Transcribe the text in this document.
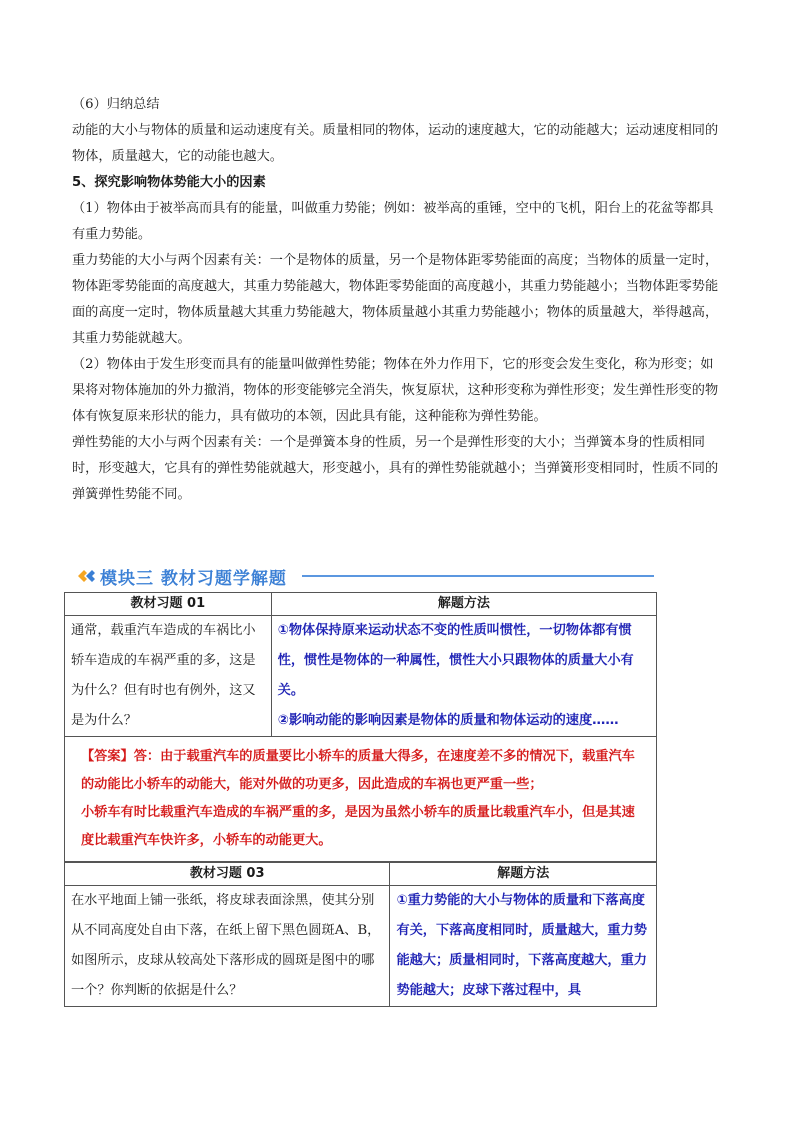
（6）归纳总结

动能的大小与物体的质量和运动速度有关。质量相同的物体，运动的速度越大，它的动能越大；运动速度相同的物体，质量越大，它的动能也越大。

5、探究影响物体势能大小的因素

（1）物体由于被举高而具有的能量，叫做重力势能；例如：被举高的重锤，空中的飞机，阳台上的花盆等都具有重力势能。

重力势能的大小与两个因素有关：一个是物体的质量，另一个是物体距零势能面的高度；当物体的质量一定时，物体距零势能面的高度越大，其重力势能越大，物体距零势能面的高度越小，其重力势能越小；当物体距零势能面的高度一定时，物体质量越大其重力势能越大，物体质量越小其重力势能越小；物体的质量越大，举得越高，其重力势能就越大。

（2）物体由于发生形变而具有的能量叫做弹性势能；物体在外力作用下，它的形变会发生变化，称为形变；如果将对物体施加的外力撤消，物体的形变能够完全消失，恢复原状，这种形变称为弹性形变；发生弹性形变的物体有恢复原来形状的能力，具有做功的本领，因此具有能，这种能称为弹性势能。

弹性势能的大小与两个因素有关：一个是弹簧本身的性质，另一个是弹性形变的大小；当弹簧本身的性质相同时，形变越大，它具有的弹性势能就越大，形变越小，具有的弹性势能就越小；当弹簧形变相同时，性质不同的弹簧弹性势能不同。

模块三 教材习题学解题
教材习题 01	解题方法
通常，载重汽车造成的车祸比小轿车造成的车祸严重的多，这是为什么？但有时也有例外，这又是为什么？	①物体保持原来运动状态不变的性质叫惯性，一切物体都有惯性，惯性是物体的一种属性，惯性大小只跟物体的质量大小有关。

②影响动能的影响因素是物体的质量和物体运动的速度……

【答案】答：由于载重汽车的质量要比小轿车的质量大得多，在速度差不多的情况下，载重汽车的动能比小轿车的动能大，能对外做的功更多，因此造成的车祸也更严重一些；

小轿车有时比载重汽车造成的车祸严重的多，是因为虽然小轿车的质量比载重汽车小，但是其速度比载重汽车快许多，小轿车的动能更大。	

教材习题 03	解题方法
在水平地面上铺一张纸，将皮球表面涂黑，使其分别从不同高度处自由下落，在纸上留下黑色圆斑A、B，如图所示，皮球从较高处下落形成的圆斑是图中的哪一个？你判断的依据是什么？	①重力势能的大小与物体的质量和下落高度有关，下落高度相同时，质量越大，重力势能越大；质量相同时，下落高度越大，重力势能越大；皮球下落过程中，具
